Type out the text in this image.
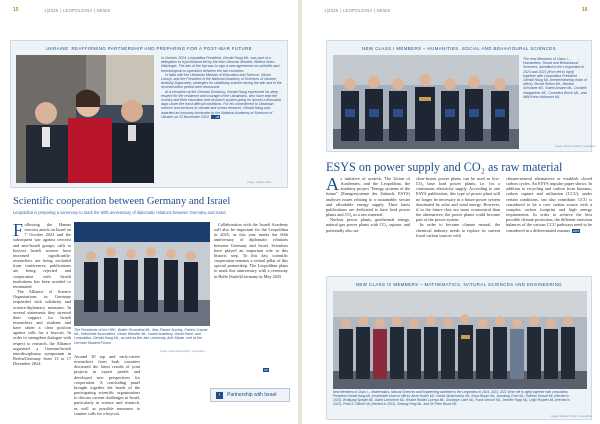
15	1|2025 | LEOPOLDINA | NEWS
UKRAINE: REAFFIRMING PARTNERSHIP AND PREPARING FOR A POST-WAR FUTURE

In October 2024, Leopoldina President, Gerald Haug ML, was part of a delegation to Kyiv/Ukraine led by the then German Minister, Bettina Stark-Watzinger. The aim of the trip was to sign a new agreement on scientific and technological co-operation between the two countries.

In talks with the Ukrainian Minister of Education and Science, Oksen Lisovyi, and the President of the National Academy of Sciences of Ukraine, Anatoliy Zagorodny, strategies for stabilising science during the war and in the reconstruction period were discussed.

At a reception at the German Embassy, Gerald Haug expressed his deep respect for the resilience and courage of the Ukrainians, who have kept the country and their education and research system going for almost a thousand days under the most difficult conditions. For his commitment to Ukrainian science and services to climate and ocean research, Gerald Haug was awarded an honorary doctorate by the National Academy of Sciences of Ukraine on 13 November 2024. LB

Image: Juliane Gebe
Scientific cooperation between Germany and Israel
Leopoldina is preparing a ceremony to mark the 60th anniversary of diplomatic relations between Germany and Israel
Following the Hamas terrorist attack on Israel on 7 October 2023 and the subsequent war against terrorist and anti-Israeli groups, calls to boycott Israeli science have increased significantly: researchers are being excluded from conferences, publications are being rejected and cooperation with Israeli institutions has been avoided or terminated.

The Alliance of Science Organisations in Germany responded with solidarity and science-diplomacy measures. In several statements they stressed their support for Israeli researchers and students and have taken a clear position against calls for a boycott. In order to strengthen dialogue with respect to research, the Alliance organised a German-Israeli interdisciplinary symposium in Berlin/Germany from 13 to 17 December 2024.

The Presidents of the HRK, Walter Rosenthal ML, Max Planck Society, Patrick Cramer ML, Helmholtz Association, Otmar Wiestler ML, Israeli Academy, David Harel, and Leopoldina, Gerald Haug ML, as well as Ber-Ilan University, Arie Zaban, met at the German Student Forum.
Image: David Ausserhofer | Leopoldina
Around 30 top and early-career researchers from both countries discussed the latest results of joint projects in expert panels and developed new perspectives for cooperation. A concluding panel brought together the heads of the participating scientific organisations to discuss current challenges in Israel, particularly in science and research, as well as possible measures to counter calls for a boycott.

Collaboration with the Israeli Academy will also be important for the Leopoldina in 2025, as this year marks the 60th anniversary of diplomatic relations between Germany and Israel. Scientists have played an important role in this historic step. To this day, scientific cooperation remains a central pillar of this special partnership. The Leopoldina plans to mark this anniversary with a ceremony in Halle (Saale)/Germany in May 2025.

LB
›	Partnership with Israel
1|2025 | LEOPOLDINA | NEWS	16
NEW CLASS I MEMBERS – HUMANITIES, SOCIAL AND BEHAVIOURAL SCIENCES
The new Members of Class I – Humanities, Social and Behavioural Sciences, admitted to the Leopoldina in 2023 and 2021 (from left to right) together with Leopoldina President Gerald Haug ML (centre/wearing chain of office): Bernd Seiers ML, Monika Schnitzer ML, Katrin Amann ML, Dominik Hangartner ML, Cornelius Borck ML, and Willi Kehn-Hofmann ML.
Image: Markus Scholz | Leopoldina
ESYS on power supply and CO₂ as raw material
As initiative of acatech, The Union of Academies, and the Leopoldina, the academy project "Energy systems of the future" (Energiesysteme der Zukunft, ESYS) analyses issues relating to a sustainable, secure and affordable energy supply. Their latest publications are dedicated to base load power plants and CO₂ as a raw material.

Nuclear power plants, geothermal energy, natural gas power plants with CO₂ capture, and potentially also nu-

clear-fusion power plants can be used as low-CO₂ base load power plants, i.e. for a continuous electricity supply. According to one ESYS publication, this type of power plant will no longer be necessary in a future power system dominated by solar and wind energy. However, if in the future they are more economical than the alternatives, the power plants could become part of the power system.

In order to become climate neutral, the chemical industry needs to replace its current fossil carbon sources with

climate-neutral alternatives or establish closed carbon cycles. An ESYS impulse paper shows: In addition to recycling and carbon from biomass, carbon capture and utilisation (CCU), under certain conditions, can also contribute. CCU is considered to be a core carbon source with a complex carbon footprint and high energy requirements. In order to achieve the best possible climate protection, the different emission balances of the various CCU pathways need to be considered in a differentiated manner. EDS
NEW CLASS III MEMBERS – MATHEMATICS, NATURAL SCIENCES AND ENGINEERING
New Members of Class I – Mathematics, Natural Sciences and Engineering admitted to the Leopoldina in 2024, 2023, 2022 (from left to right) together with Leopoldina President Gerald Haug ML (centre/with chain of office): Anne Hoster ML, Vasilis Ntziachristos ML, Klaus Blaum ML, Xiaodong Chen ML, Roberto Sessoli ML (elected in 2023), Wolfgang Spiegel ML, Astrid Lambrecht ML, Beatriz Roldán Cuenya ML, Giuseppe Caire ML, Frank Gerisch ML, Jennifer Rupp ML, Leigh Royden ML (elected in 2022), Petra S. Dittrich ML (elected in 2023), Xinliang Feng ML, and Sir Peter Bruce ML.
Image: Markus Scholz | Leopoldina
